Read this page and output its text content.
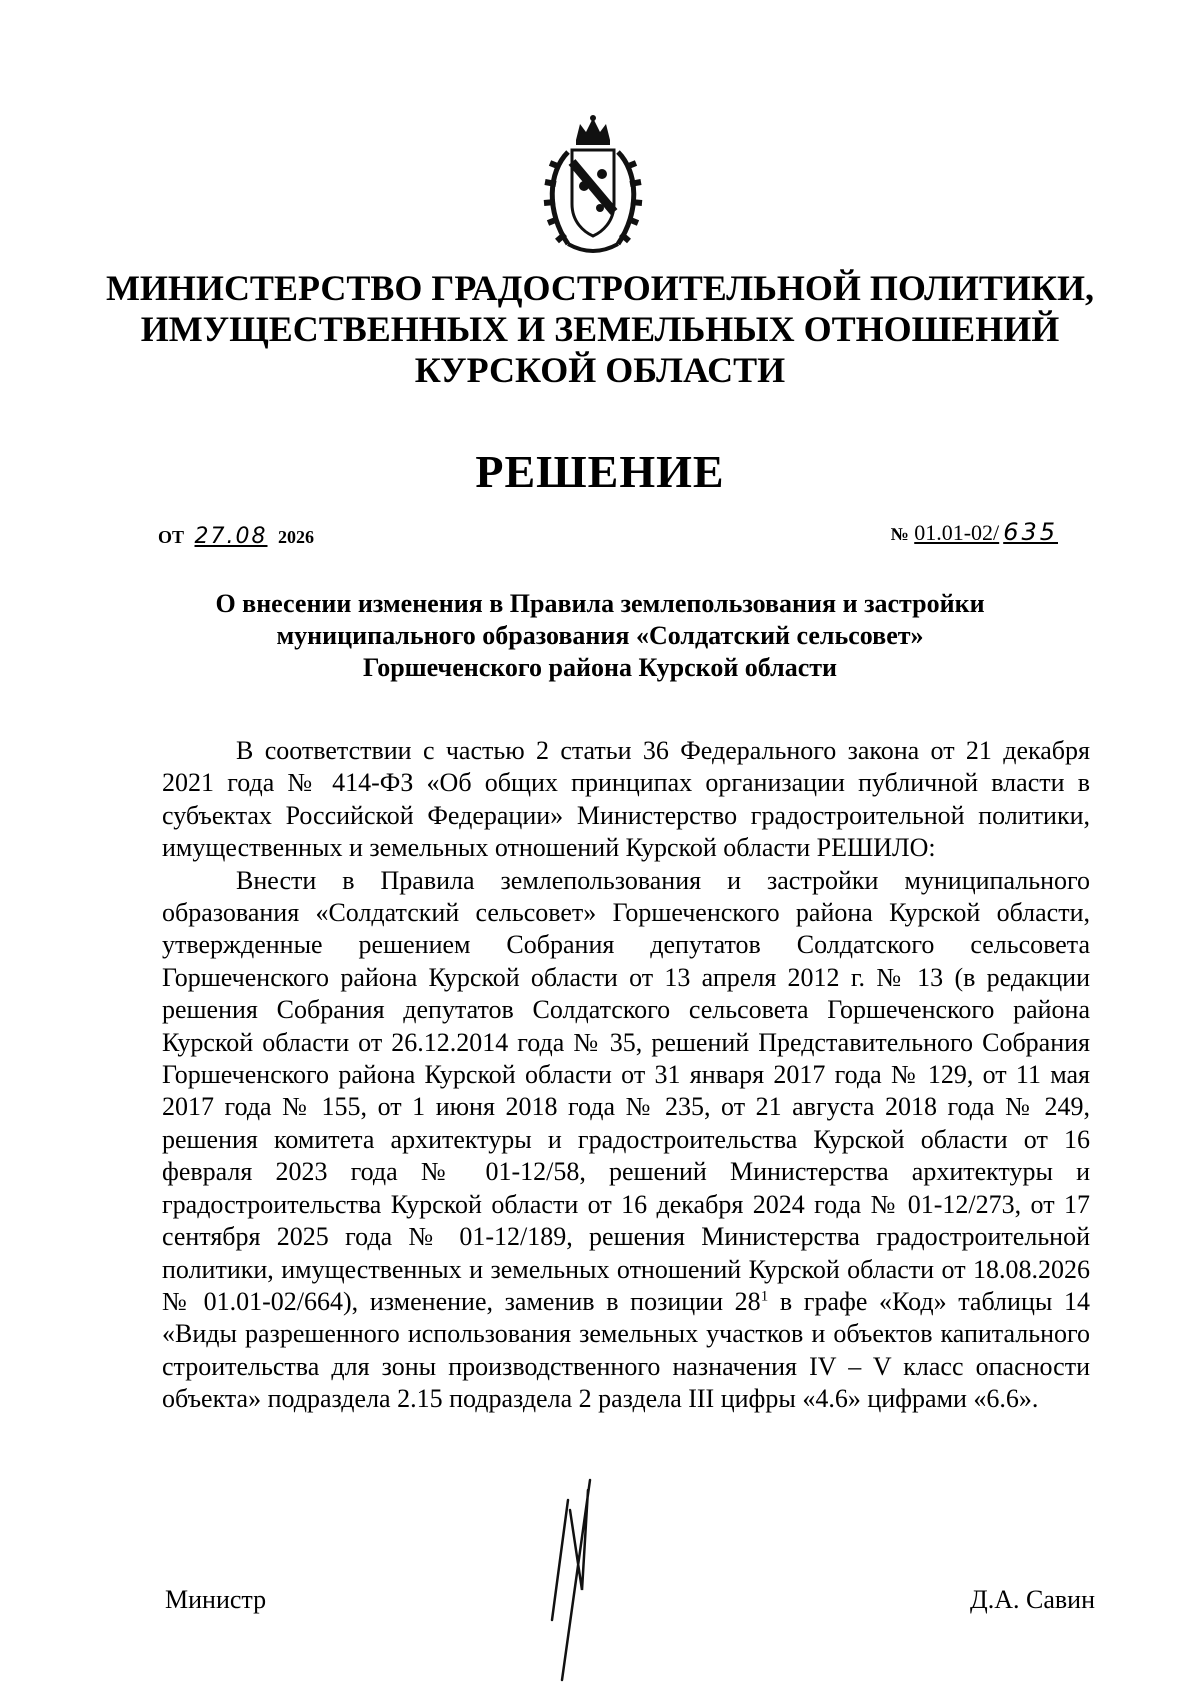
МИНИСТЕРСТВО ГРАДОСТРОИТЕЛЬНОЙ ПОЛИТИКИ,
ИМУЩЕСТВЕННЫХ И ЗЕМЕЛЬНЫХ ОТНОШЕНИЙ
КУРСКОЙ ОБЛАСТИ
РЕШЕНИЕ
ОТ 27.08 2026	№ 01.01-02/ 635
О внесении изменения в Правила землепользования и застройки
муниципального образования «Солдатский сельсовет»
Горшеченского района Курской области

В соответствии с частью 2 статьи 36 Федерального закона от 21 декабря 2021 года № 414-ФЗ «Об общих принципах организации публичной власти в субъектах Российской Федерации» Министерство градостроительной политики, имущественных и земельных отношений Курской области РЕШИЛО:

Внести в Правила землепользования и застройки муниципального образования «Солдатский сельсовет» Горшеченского района Курской области, утвержденные решением Собрания депутатов Солдатского сельсовета Горшеченского района Курской области от 13 апреля 2012 г. № 13 (в редакции решения Собрания депутатов Солдатского сельсовета Горшеченского района Курской области от 26.12.2014 года № 35, решений Представительного Собрания Горшеченского района Курской области от 31 января 2017 года № 129, от 11 мая 2017 года № 155, от 1 июня 2018 года № 235, от 21 августа 2018 года № 249, решения комитета архитектуры и градостроительства Курской области от 16 февраля 2023 года № 01-12/58, решений Министерства архитектуры и градостроительства Курской области от 16 декабря 2024 года № 01-12/273, от 17 сентября 2025 года № 01-12/189, решения Министерства градостроительной политики, имущественных и земельных отношений Курской области от 18.08.2026 № 01.01-02/664), изменение, заменив в позиции $28^1$ в графе «Код» таблицы 14 «Виды разрешенного использования земельных участков и объектов капитального строительства для зоны производственного назначения IV – V класс опасности объекта» подраздела 2.15 подраздела 2 раздела III цифры «4.6» цифрами «6.6».

Министр	Д.А. Савин
